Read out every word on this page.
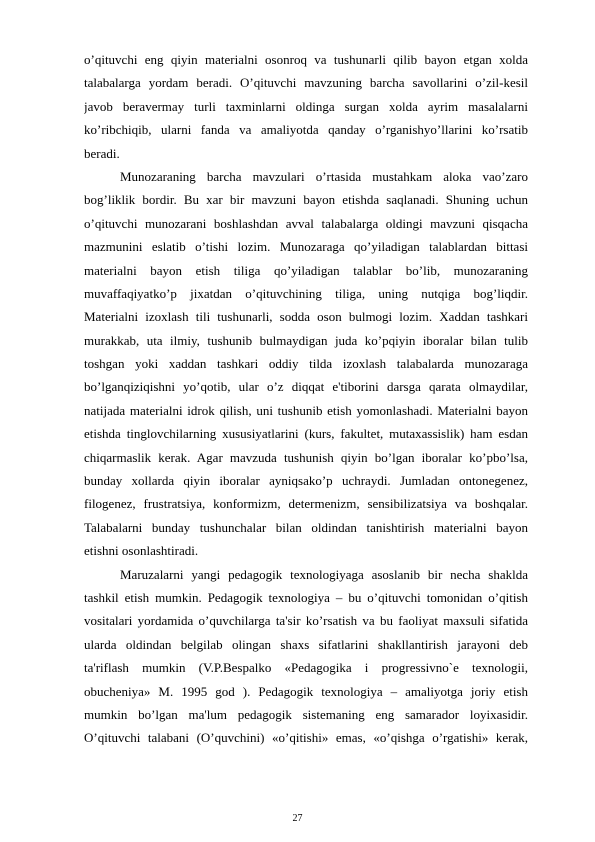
o’qituvchi eng qiyin materialni osonroq va tushunarli qilib bayon etgan xolda
talabalarga yordam beradi. O’qituvchi mavzuning barcha savollarini o’zil-kesil
javob beravermay turli taxminlarni oldinga surgan xolda ayrim masalalarni
ko’ribchiqib, ularni fanda va amaliyotda qanday o’rganishyo’llarini ko’rsatib
beradi.
Munozaraning barcha mavzulari o’rtasida mustahkam aloka vao’zaro
bog’liklik bordir. Bu xar bir mavzuni bayon etishda saqlanadi. Shuning uchun
o’qituvchi munozarani boshlashdan avval talabalarga oldingi mavzuni qisqacha
mazmunini eslatib o’tishi lozim. Munozaraga qo’yiladigan talablardan bittasi
materialni bayon etish tiliga qo’yiladigan talablar bo’lib, munozaraning
muvaffaqiyatko’p jixatdan o’qituvchining tiliga, uning nutqiga bog’liqdir.
Materialni izoxlash tili tushunarli, sodda oson bulmogi lozim. Xaddan tashkari
murakkab, uta ilmiy, tushunib bulmaydigan juda ko’pqiyin iboralar bilan tulib
toshgan yoki xaddan tashkari oddiy tilda izoxlash talabalarda munozaraga
bo’lganqiziqishni yo’qotib, ular o’z diqqat e'tiborini darsga qarata olmaydilar,
natijada materialni idrok qilish, uni tushunib etish yomonlashadi. Materialni bayon
etishda tinglovchilarning xususiyatlarini (kurs, fakultet, mutaxassislik) ham esdan
chiqarmaslik kerak. Agar mavzuda tushunish qiyin bo’lgan iboralar ko’pbo’lsa,
bunday xollarda qiyin iboralar ayniqsako’p uchraydi. Jumladan ontonegenez,
filogenez, frustratsiya, konformizm, determenizm, sensibilizatsiya va boshqalar.
Talabalarni bunday tushunchalar bilan oldindan tanishtirish materialni bayon
etishni osonlashtiradi.
Maruzalarni yangi pedagogik texnologiyaga asoslanib bir necha shaklda
tashkil etish mumkin. Pedagogik texnologiya – bu o’qituvchi tomonidan o’qitish
vositalari yordamida o’quvchilarga ta'sir ko’rsatish va bu faoliyat maxsuli sifatida
ularda oldindan belgilab olingan shaxs sifatlarini shakllantirish jarayoni deb
ta'riflash mumkin (V.P.Bespalko «Pedagogika i progressivno`e texnologii,
obucheniya» M. 1995 god ). Pedagogik texnologiya – amaliyotga joriy etish
mumkin bo’lgan ma'lum pedagogik sistemaning eng samarador loyixasidir.
O’qituvchi talabani (O’quvchini) «o’qitishi» emas, «o’qishga o’rgatishi» kerak,
27
